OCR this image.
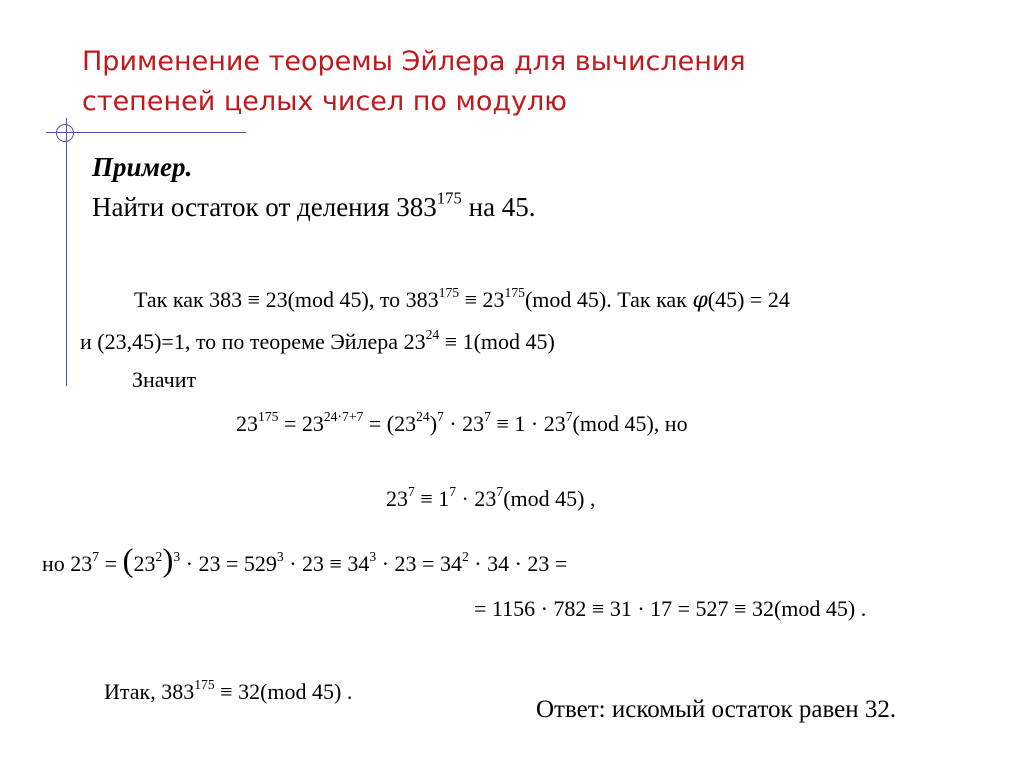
Применение теоремы Эйлера для вычисления
степеней целых чисел по модулю
Пример.
Найти остаток от деления $383^{175}$ на 45.
Так как 383 ≡ 23(mod 45), то $383^{175} \equiv 23^{175}(mod$ 45). Так как φ(45) = 24
и (23,45)=1, то по теореме Эйлера $23^{24} \equiv 1(mod$ 45)
Значит
$23^{175} = 23^{24\cdot 7+7} = (23^{24})^7 \cdot 23^7 \equiv 1 \cdot 23^7(mod$ 45), но
$23^7 \equiv 1^7 \cdot 23^7(mod$ 45) ,
но $23^7 = (23^2)^3 \cdot 23 = 529^3 \cdot 23 \equiv 34^3 \cdot 23 = 34^2 \cdot 34 \cdot 23$ =
= 1156 · 782 ≡ 31 · 17 = 527 ≡ 32(mod 45) .
Итак, $383^{175} \equiv 32(mod$ 45) .
Ответ: искомый остаток равен 32.
